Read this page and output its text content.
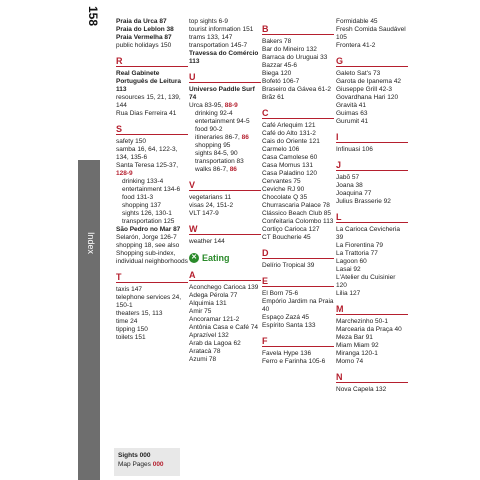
158
Index
Praia da Urca 87
Praia do Leblon 38
Praia Vermelha 87
public holidays 150
R
Real Gabinete Português de Leitura 113
resources 15, 21, 139, 144
Rua Dias Ferreira 41
S
safety 150
samba 16, 64, 122-3, 134, 135-6
Santa Teresa 125-37, 128-9
drinking 133-4
entertainment 134-6
food 131-3
shopping 137
sights 126, 130-1
transportation 125
São Pedro no Mar 87
Selarón, Jorge 126-7
shopping 18, see also Shopping sub-index, individual neighborhoods
T
taxis 147
telephone services 24, 150-1
theaters 15, 113
time 24
tipping 150
toilets 151
top sights 6-9
tourist information 151
trams 133, 147
transportation 145-7
Travessa do Comércio 113
U
Universo Paddle Surf 74
Urca 83-95, 88-9
drinking 92-4
entertainment 94-5
food 90-2
itineraries 86-7, 86
shopping 95
sights 84-5, 90
transportation 83
walks 86-7, 86
V
vegetarians 11
visas 24, 151-2
VLT 147-9
W
weather 144
✕ Eating
A
Aconchego Carioca 139
Adega Pérola 77
Alquimia 131
Amir 75
Ancoramar 121-2
Antônia Casa e Café 74
Aprazível 132
Arab da Lagoa 62
Aratacà 78
Azumi 78
B
Bakers 78
Bar do Mineiro 132
Barraca do Uruguai 33
Bazzar 45-6
Biega 120
Bofetó 106-7
Braseiro da Gávea 61-2
Brãz 61
C
Café Arlequim 121
Café do Alto 131-2
Cais do Oriente 121
Carmelo 106
Casa Camolese 60
Casa Momus 131
Casa Paladino 120
Cervantes 75
Ceviche RJ 90
Chocolate Q 35
Churrascaria Palace 78
Clássico Beach Club 85
Confeitaria Colombo 113
Cortiço Carioca 127
CT Boucherie 45
D
Delírio Tropical 39
E
El Born 75-6
Empório Jardim na Praia 40
Espaço Zazá 45
Espírito Santa 133
F
Favela Hype 136
Ferro e Farinha 105-6
Formidable 45
Fresh Comida Saudável 105
Frontera 41-2
G
Galeto Sat's 73
Garota de Ipanema 42
Giuseppe Grill 42-3
Govardhana Hari 120
Gravità 41
Guimas 63
Gurumit 41
I
Infinuasi 106
J
Jabõ 57
Joana 38
Joaquina 77
Julius Brasserie 92
L
La Carioca Cevicheria 39
La Fiorentina 79
La Trattoria 77
Lagoon 60
Lasai 92
L'Atelier du Cuisinier 120
Lilia 127
M
Marchezinho 50-1
Marcearia da Praça 40
Meza Bar 91
Miam Miam 92
Miranga 120-1
Momo 74
N
Nova Capela 132
Sights 000
Map Pages 000
